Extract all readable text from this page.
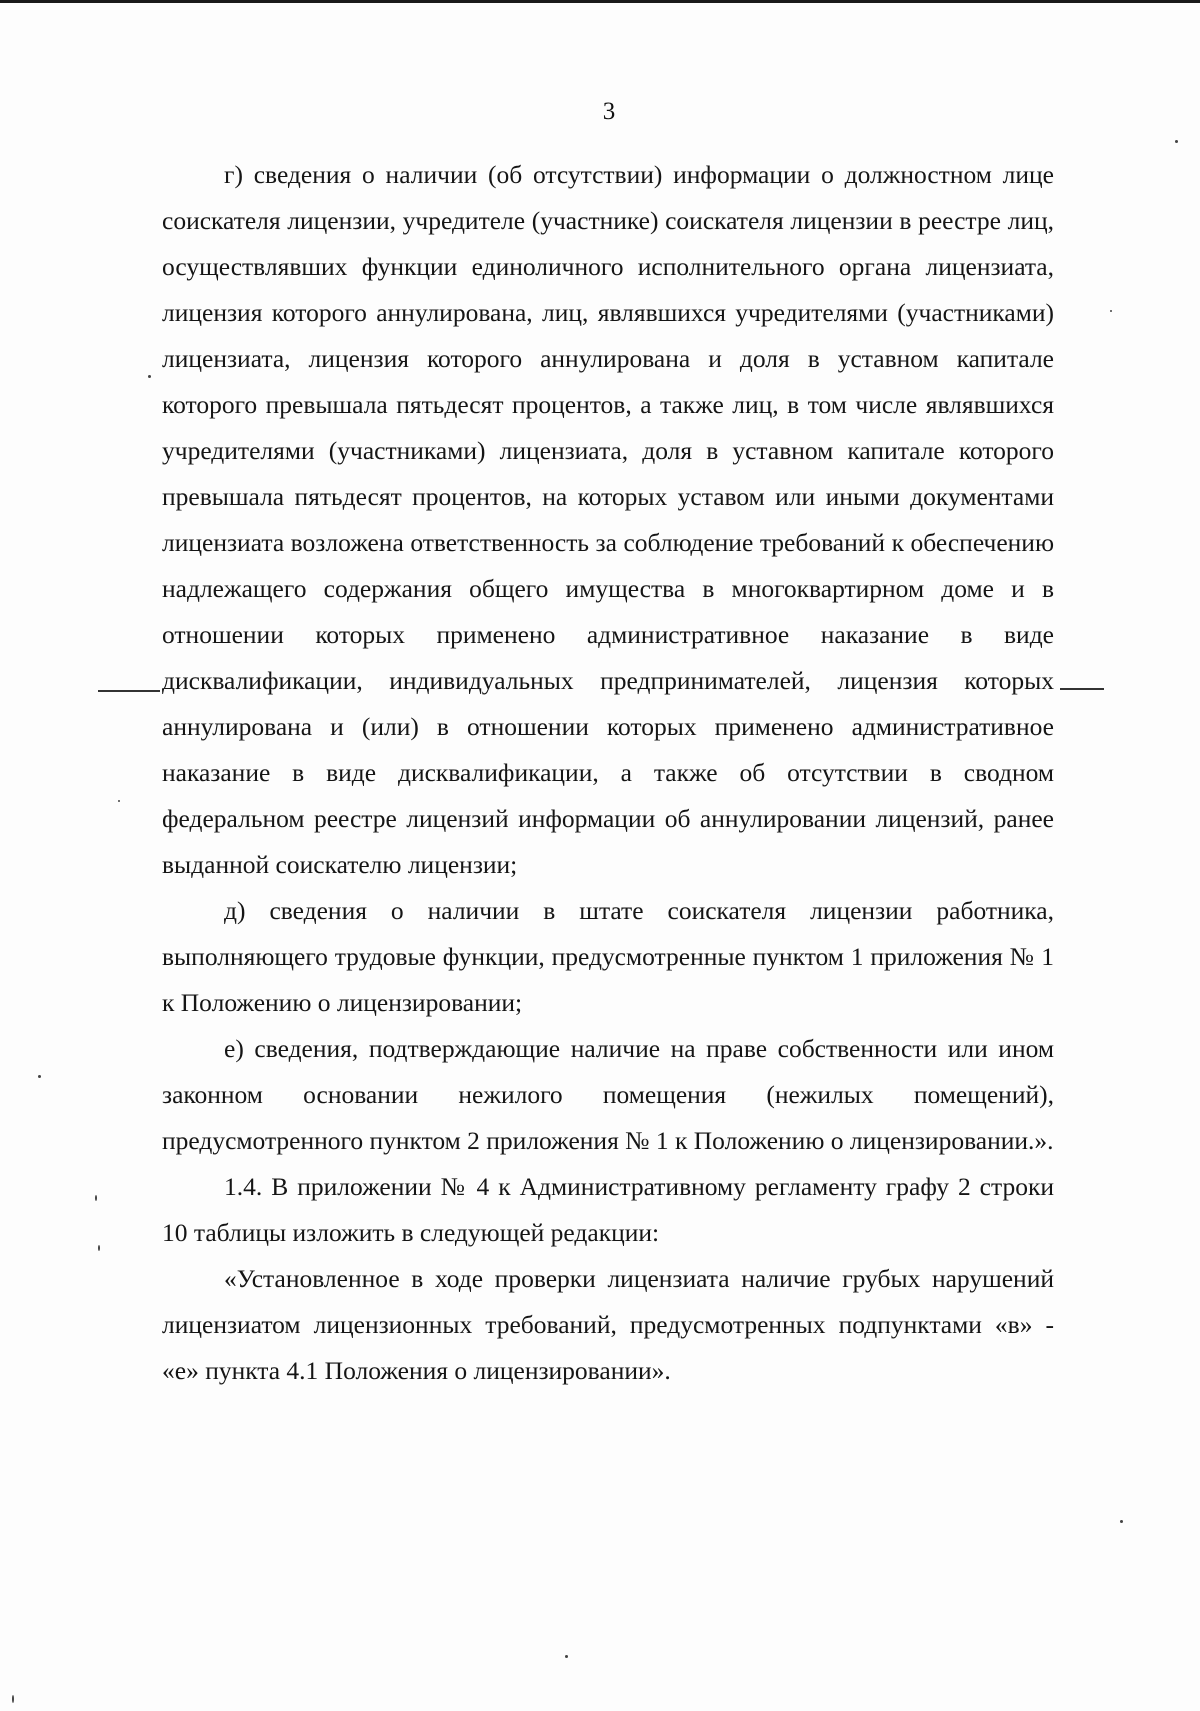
3

г) сведения о наличии (об отсутствии) информации о должностном лице соискателя лицензии, учредителе (участнике) соискателя лицензии в реестре лиц, осуществлявших функции единоличного исполнительного органа лицензиата, лицензия которого аннулирована, лиц, являвшихся учредителями (участниками) лицензиата, лицензия которого аннулирована и доля в уставном капитале которого превышала пятьдесят процентов, а также лиц, в том числе являвшихся учредителями (участниками) лицензиата, доля в уставном капитале которого превышала пятьдесят процентов, на которых уставом или иными документами лицензиата возложена ответственность за соблюдение требований к обеспечению надлежащего содержания общего имущества в многоквартирном доме и в отношении которых применено административное наказание в виде дисквалификации, индивидуальных предпринимателей, лицензия которых аннулирована и (или) в отношении которых применено административное наказание в виде дисквалификации, а также об отсутствии в сводном федеральном реестре лицензий информации об аннулировании лицензий, ранее выданной соискателю лицензии;

д) сведения о наличии в штате соискателя лицензии работника, выполняющего трудовые функции, предусмотренные пунктом 1 приложения № 1 к Положению о лицензировании;

е) сведения, подтверждающие наличие на праве собственности или ином законном основании нежилого помещения (нежилых помещений), предусмотренного пунктом 2 приложения № 1 к Положению о лицензировании.».

1.4. В приложении № 4 к Административному регламенту графу 2 строки 10 таблицы изложить в следующей редакции:

«Установленное в ходе проверки лицензиата наличие грубых нарушений лицензиатом лицензионных требований, предусмотренных подпунктами «в» - «е» пункта 4.1 Положения о лицензировании».
